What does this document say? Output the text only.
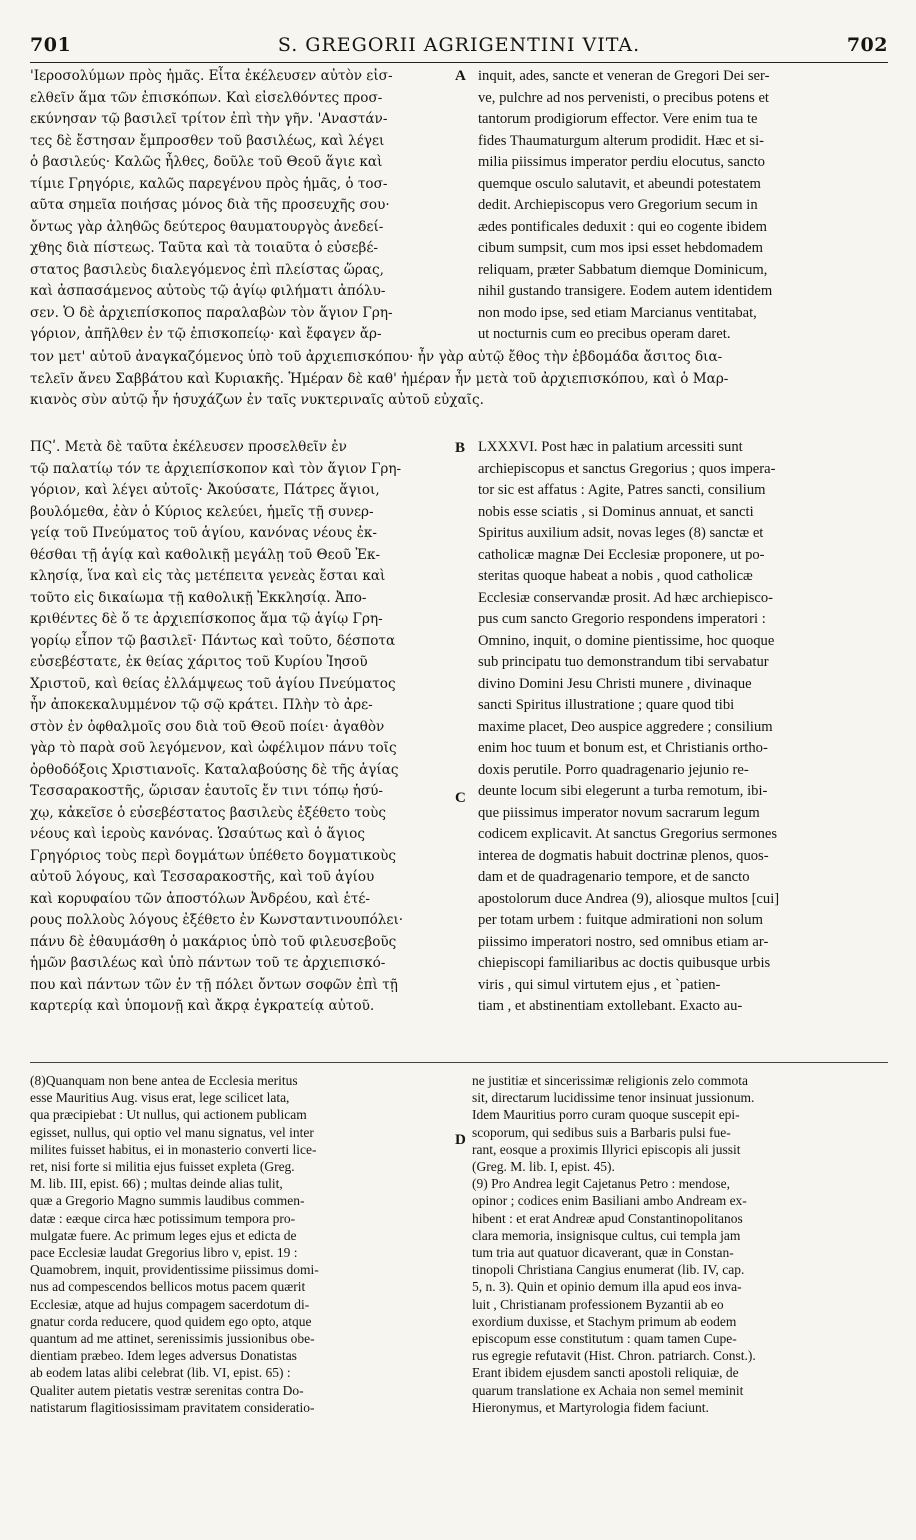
701	S. GREGORII AGRIGENTINI VITA.	702
'Ιεροσολύμων πρὸς ἡμᾶς. Εἶτα ἐκέλευσεν αὐτὸν εἰσ-
ελθεῖν ἅμα τῶν ἐπισκόπων. Καὶ εἰσελθόντες προσ-
εκύνησαν τῷ βασιλεῖ τρίτον ἐπὶ τὴν γῆν. 'Αναστάν-
τες δὲ ἔστησαν ἔμπροσθεν τοῦ βασιλέως, καὶ λέγει
ὁ βασιλεύς· Καλῶς ἦλθες, δοῦλε τοῦ Θεοῦ ἅγιε καὶ
τίμιε Γρηγόριε, καλῶς παρεγένου πρὸς ἡμᾶς, ὁ τοσ-
αῦτα σημεῖα ποιήσας μόνος διὰ τῆς προσευχῆς σου·
ὄντως γὰρ ἀληθῶς δεύτερος θαυματουργὸς ἀνεδεί-
χθης διὰ πίστεως. Ταῦτα καὶ τὰ τοιαῦτα ὁ εὐσεβέ-
στατος βασιλεὺς διαλεγόμενος ἐπὶ πλείστας ὥρας,
καὶ ἀσπασάμενος αὐτοὺς τῷ ἁγίῳ φιλήματι ἀπόλυ-
σεν. Ὁ δὲ ἀρχιεπίσκοπος παραλαβὼν τὸν ἅγιον Γρη-
γόριον, ἀπῆλθεν ἐν τῷ ἐπισκοπείῳ· καὶ ἔφαγεν ἄρ-
inquit, ades, sancte et veneran de Gregori Dei ser-
ve, pulchre ad nos pervenisti, o precibus potens et
tantorum prodigiorum effector. Vere enim tua te
fides Thaumaturgum alterum prodidit. Hæc et si-
milia piissimus imperator perdiu elocutus, sancto
quemque osculo salutavit, et abeundi potestatem
dedit. Archiepiscopus vero Gregorium secum in
ædes pontificales deduxit : qui eo cogente ibidem
cibum sumpsit, cum mos ipsi esset hebdomadem
reliquam, præter Sabbatum diemque Dominicum,
nihil gustando transigere. Eodem autem identidem
non modo ipse, sed etiam Marcianus ventitabat,
ut nocturnis cum eo precibus operam daret.
τον μετ' αὐτοῦ ἀναγκαζόμενος ὑπὸ τοῦ ἀρχιεπισκόπου· ἦν γὰρ αὐτῷ ἔθος τὴν ἑβδομάδα ἄσιτος δια-
τελεῖν ἄνευ Σαββάτου καὶ Κυριακῆς. Ἡμέραν δὲ καθ' ἡμέραν ἦν μετὰ τοῦ ἀρχιεπισκόπου, καὶ ὁ Μαρ-
κιανὸς σὺν αὐτῷ ἦν ἡσυχάζων ἐν ταῖς νυκτεριναῖς αὐτοῦ εὐχαῖς.
ΠϚʹ. Μετὰ δὲ ταῦτα ἐκέλευσεν προσελθεῖν ἐν
τῷ παλατίῳ τόν τε ἀρχιεπίσκοπον καὶ τὸν ἅγιον Γρη-
γόριον, καὶ λέγει αὐτοῖς· Ἀκούσατε, Πάτρες ἅγιοι,
βουλόμεθα, ἐὰν ὁ Κύριος κελεύει, ἡμεῖς τῇ συνερ-
γείᾳ τοῦ Πνεύματος τοῦ ἁγίου, κανόνας νέους ἐκ-
θέσθαι τῇ ἁγίᾳ καὶ καθολικῇ μεγάλῃ τοῦ Θεοῦ Ἐκ-
κλησίᾳ, ἵνα καὶ εἰς τὰς μετέπειτα γενεὰς ἔσται καὶ
τοῦτο εἰς δικαίωμα τῇ καθολικῇ Ἐκκλησίᾳ. Ἀπο-
κριθέντες δὲ ὅ τε ἀρχιεπίσκοπος ἅμα τῷ ἁγίῳ Γρη-
γορίῳ εἶπον τῷ βασιλεῖ· Πάντως καὶ τοῦτο, δέσποτα
εὐσεβέστατε, ἐκ θείας χάριτος τοῦ Κυρίου Ἰησοῦ
Χριστοῦ, καὶ θείας ἐλλάμψεως τοῦ ἁγίου Πνεύματος
ἦν ἀποκεκαλυμμένον τῷ σῷ κράτει. Πλὴν τὸ ἀρε-
στὸν ἐν ὀφθαλμοῖς σου διὰ τοῦ Θεοῦ ποίει· ἀγαθὸν
γὰρ τὸ παρὰ σοῦ λεγόμενον, καὶ ὠφέλιμον πάνυ τοῖς
ὀρθοδόξοις Χριστιανοῖς. Καταλαβούσης δὲ τῆς ἁγίας
Τεσσαρακοστῆς, ὥρισαν ἑαυτοῖς ἔν τινι τόπῳ ἡσύ-
χῳ, κἀκεῖσε ὁ εὐσεβέστατος βασιλεὺς ἐξέθετο τοὺς
νέους καὶ ἱεροὺς κανόνας. Ὡσαύτως καὶ ὁ ἅγιος
Γρηγόριος τοὺς περὶ δογμάτων ὑπέθετο δογματικοὺς
αὐτοῦ λόγους, καὶ Τεσσαρακοστῆς, καὶ τοῦ ἁγίου
καὶ κορυφαίου τῶν ἀποστόλων Ἀνδρέου, καὶ ἑτέ-
ρους πολλοὺς λόγους ἐξέθετο ἐν Κωνσταντινουπόλει·
πάνυ δὲ ἐθαυμάσθη ὁ μακάριος ὑπὸ τοῦ φιλευσεβοῦς
ἡμῶν βασιλέως καὶ ὑπὸ πάντων τοῦ τε ἀρχιεπισκό-
που καὶ πάντων τῶν ἐν τῇ πόλει ὄντων σοφῶν ἐπὶ τῇ
καρτερίᾳ καὶ ὑπομονῇ καὶ ἄκρᾳ ἐγκρατείᾳ αὐτοῦ.
LXXXVI. Post hæc in palatium arcessiti sunt
archiepiscopus et sanctus Gregorius ; quos impera-
tor sic est affatus : Agite, Patres sancti, consilium
nobis esse sciatis , si Dominus annuat, et sancti
Spiritus auxilium adsit, novas leges (8) sanctæ et
catholicæ magnæ Dei Ecclesiæ proponere, ut po-
steritas quoque habeat a nobis , quod catholicæ
Ecclesiæ conservandæ prosit. Ad hæc archiepisco-
pus cum sancto Gregorio respondens imperatori :
Omnino, inquit, o domine pientissime, hoc quoque
sub principatu tuo demonstrandum tibi servabatur
divino Domini Jesu Christi munere , divinaque
sancti Spiritus illustratione ; quare quod tibi
maxime placet, Deo auspice aggredere ; consilium
enim hoc tuum et bonum est, et Christianis ortho-
doxis perutile. Porro quadragenario jejunio re-
deunte locum sibi elegerunt a turba remotum, ibi-
que piissimus imperator novum sacrarum legum
codicem explicavit. At sanctus Gregorius sermones
interea de dogmatis habuit doctrinæ plenos, quos-
dam et de quadragenario tempore, et de sancto
apostolorum duce Andrea (9), aliosque multos [cui]
per totam urbem : fuitque admirationi non solum
piissimo imperatori nostro, sed omnibus etiam ar-
chiepiscopi familiaribus ac doctis quibusque urbis
viris , qui simul virtutem ejus , et `patien-
tiam , et abstinentiam extollebant. Exacto au-
A
B
C
D
(8)Quanquam non bene antea de Ecclesia meritus
esse Mauritius Aug. visus erat, lege scilicet lata,
qua præcipiebat : Ut nullus, qui actionem publicam
egisset, nullus, qui optio vel manu signatus, vel inter
milites fuisset habitus, ei in monasterio converti lice-
ret, nisi forte si militia ejus fuisset expleta (Greg.
M. lib. III, epist. 66) ; multas deinde alias tulit,
quæ a Gregorio Magno summis laudibus commen-
datæ : eæque circa hæc potissimum tempora pro-
mulgatæ fuere. Ac primum leges ejus et edicta de
pace Ecclesiæ laudat Gregorius libro v, epist. 19 :
Quamobrem, inquit, providentissime piissimus domi-
nus ad compescendos bellicos motus pacem quærit
Ecclesiæ, atque ad hujus compagem sacerdotum di-
gnatur corda reducere, quod quidem ego opto, atque
quantum ad me attinet, serenissimis jussionibus obe-
dientiam præbeo. Idem leges adversus Donatistas
ab eodem latas alibi celebrat (lib. VI, epist. 65) :
Qualiter autem pietatis vestræ serenitas contra Do-
natistarum flagitiosissimam pravitatem consideratio-
ne justitiæ et sincerissimæ religionis zelo commota
sit, directarum lucidissime tenor insinuat jussionum.
Idem Mauritius porro curam quoque suscepit epi-
scoporum, qui sedibus suis a Barbaris pulsi fue-
rant, eosque a proximis Illyrici episcopis ali jussit
(Greg. M. lib. I, epist. 45).
(9) Pro Andrea legit Cajetanus Petro : mendose,
opinor ; codices enim Basiliani ambo Andream ex-
hibent : et erat Andreæ apud Constantinopolitanos
clara memoria, insignisque cultus, cui templa jam
tum tria aut quatuor dicaverant, quæ in Constan-
tinopoli Christiana Cangius enumerat (lib. IV, cap.
5, n. 3). Quin et opinio demum illa apud eos inva-
luit , Christianam professionem Byzantii ab eo
exordium duxisse, et Stachym primum ab eodem
episcopum esse constitutum : quam tamen Cupe-
rus egregie refutavit (Hist. Chron. patriarch. Const.).
Erant ibidem ejusdem sancti apostoli reliquiæ, de
quarum translatione ex Achaia non semel meminit
Hieronymus, et Martyrologia fidem faciunt.
